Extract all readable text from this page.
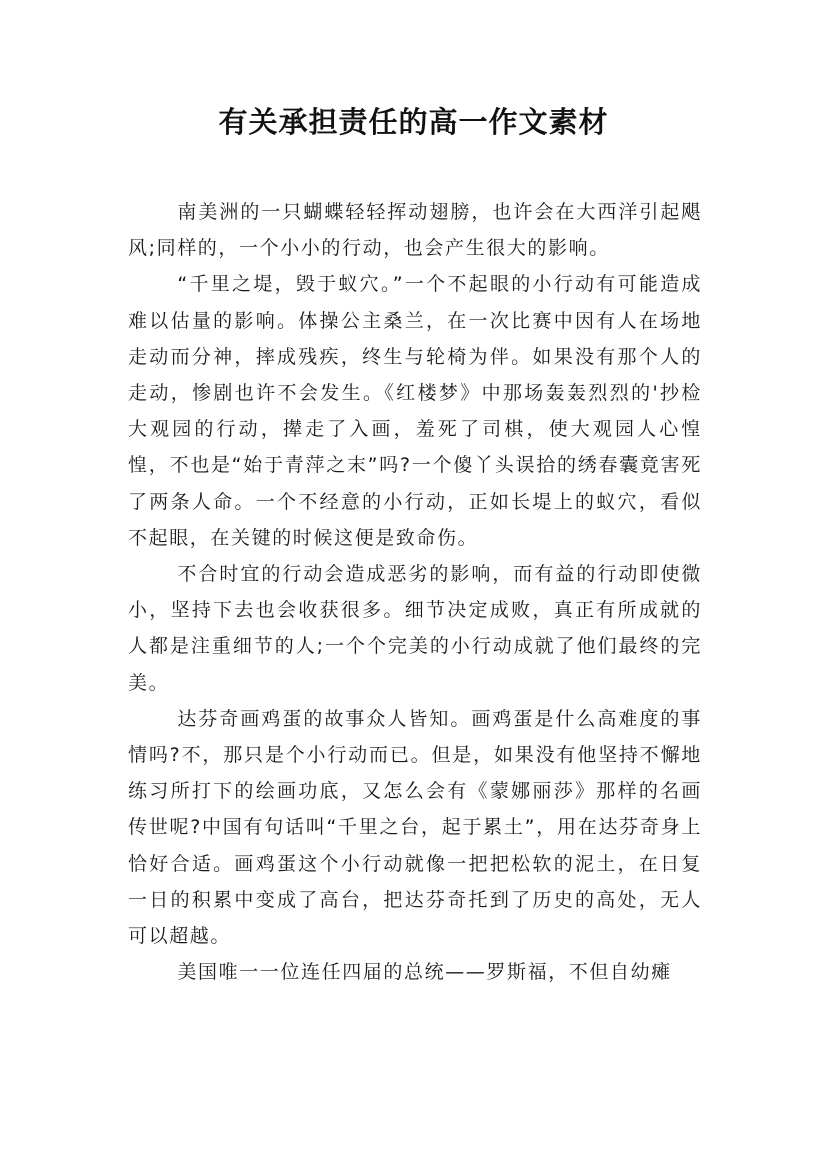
有关承担责任的高一作文素材

南美洲的一只蝴蝶轻轻挥动翅膀，也许会在大西洋引起飓风;同样的，一个小小的行动，也会产生很大的影响。

“千里之堤，毁于蚁穴。”一个不起眼的小行动有可能造成难以估量的影响。体操公主桑兰，在一次比赛中因有人在场地走动而分神，摔成残疾，终生与轮椅为伴。如果没有那个人的走动，惨剧也许不会发生。《红楼梦》中那场轰轰烈烈的'抄检大观园的行动，撵走了入画，羞死了司棋，使大观园人心惶惶，不也是“始于青萍之末”吗?一个傻丫头误拾的绣春囊竟害死了两条人命。一个不经意的小行动，正如长堤上的蚁穴，看似不起眼，在关键的时候这便是致命伤。

不合时宜的行动会造成恶劣的影响，而有益的行动即使微小，坚持下去也会收获很多。细节决定成败，真正有所成就的人都是注重细节的人;一个个完美的小行动成就了他们最终的完美。

达芬奇画鸡蛋的故事众人皆知。画鸡蛋是什么高难度的事情吗?不，那只是个小行动而已。但是，如果没有他坚持不懈地练习所打下的绘画功底，又怎么会有《蒙娜丽莎》那样的名画传世呢?中国有句话叫“千里之台，起于累土”，用在达芬奇身上恰好合适。画鸡蛋这个小行动就像一把把松软的泥土，在日复一日的积累中变成了高台，把达芬奇托到了历史的高处，无人可以超越。

美国唯一一位连任四届的总统——罗斯福，不但自幼瘫
